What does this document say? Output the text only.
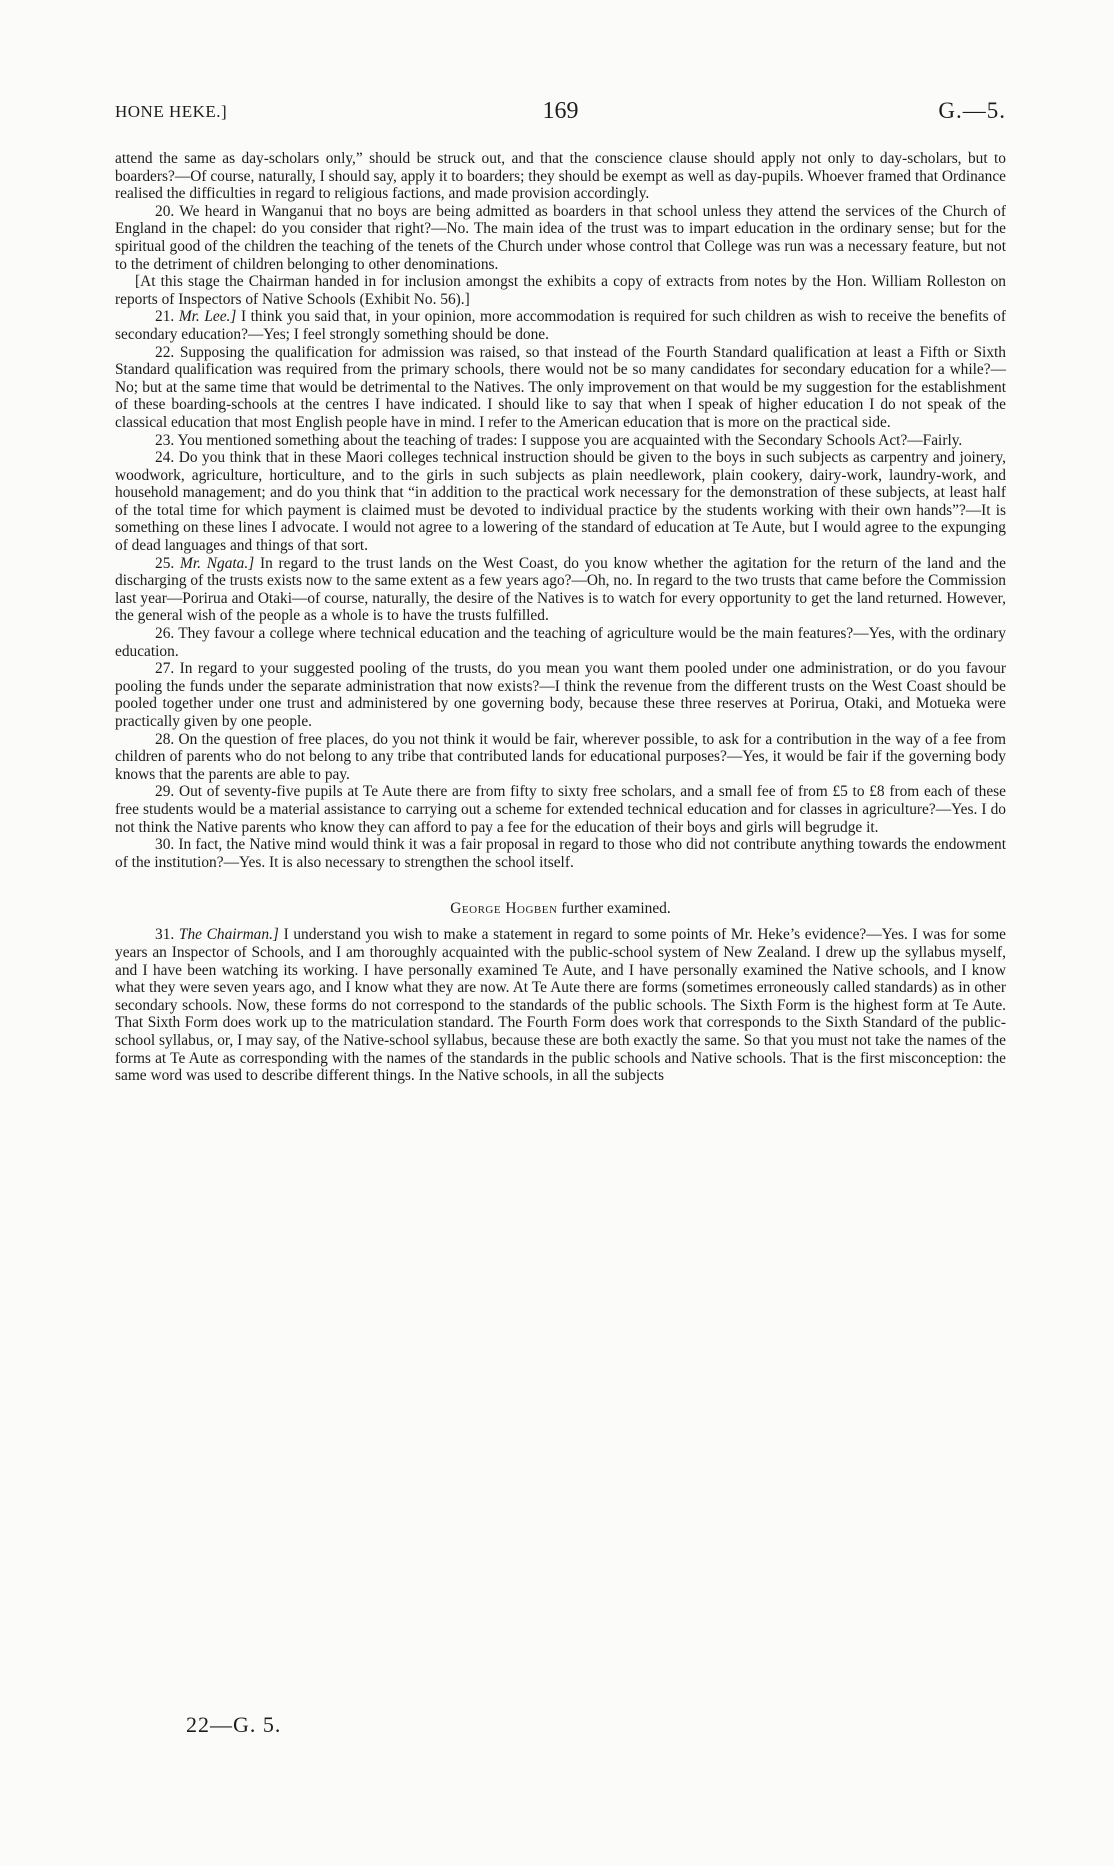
HONE HEKE.]	169	G.—5.

attend the same as day-scholars only,” should be struck out, and that the conscience clause should apply not only to day-scholars, but to boarders?—Of course, naturally, I should say, apply it to boarders; they should be exempt as well as day-pupils. Whoever framed that Ordinance realised the difficulties in regard to religious factions, and made provision accordingly.

20. We heard in Wanganui that no boys are being admitted as boarders in that school unless they attend the services of the Church of England in the chapel: do you consider that right?—No. The main idea of the trust was to impart education in the ordinary sense; but for the spiritual good of the children the teaching of the tenets of the Church under whose control that College was run was a necessary feature, but not to the detriment of children belonging to other denominations.

[At this stage the Chairman handed in for inclusion amongst the exhibits a copy of extracts from notes by the Hon. William Rolleston on reports of Inspectors of Native Schools (Exhibit No. 56).]

21. Mr. Lee.] I think you said that, in your opinion, more accommodation is required for such children as wish to receive the benefits of secondary education?—Yes; I feel strongly something should be done.

22. Supposing the qualification for admission was raised, so that instead of the Fourth Standard qualification at least a Fifth or Sixth Standard qualification was required from the primary schools, there would not be so many candidates for secondary education for a while?—No; but at the same time that would be detrimental to the Natives. The only improvement on that would be my suggestion for the establishment of these boarding-schools at the centres I have indicated. I should like to say that when I speak of higher education I do not speak of the classical education that most English people have in mind. I refer to the American education that is more on the practical side.

23. You mentioned something about the teaching of trades: I suppose you are acquainted with the Secondary Schools Act?—Fairly.

24. Do you think that in these Maori colleges technical instruction should be given to the boys in such subjects as carpentry and joinery, woodwork, agriculture, horticulture, and to the girls in such subjects as plain needlework, plain cookery, dairy-work, laundry-work, and household management; and do you think that “in addition to the practical work necessary for the demonstration of these subjects, at least half of the total time for which payment is claimed must be devoted to individual practice by the students working with their own hands”?—It is something on these lines I advocate. I would not agree to a lowering of the standard of education at Te Aute, but I would agree to the expunging of dead languages and things of that sort.

25. Mr. Ngata.] In regard to the trust lands on the West Coast, do you know whether the agitation for the return of the land and the discharging of the trusts exists now to the same extent as a few years ago?—Oh, no. In regard to the two trusts that came before the Commission last year—Porirua and Otaki—of course, naturally, the desire of the Natives is to watch for every opportunity to get the land returned. However, the general wish of the people as a whole is to have the trusts fulfilled.

26. They favour a college where technical education and the teaching of agriculture would be the main features?—Yes, with the ordinary education.

27. In regard to your suggested pooling of the trusts, do you mean you want them pooled under one administration, or do you favour pooling the funds under the separate administration that now exists?—I think the revenue from the different trusts on the West Coast should be pooled together under one trust and administered by one governing body, because these three reserves at Porirua, Otaki, and Motueka were practically given by one people.

28. On the question of free places, do you not think it would be fair, wherever possible, to ask for a contribution in the way of a fee from children of parents who do not belong to any tribe that contributed lands for educational purposes?—Yes, it would be fair if the governing body knows that the parents are able to pay.

29. Out of seventy-five pupils at Te Aute there are from fifty to sixty free scholars, and a small fee of from £5 to £8 from each of these free students would be a material assistance to carrying out a scheme for extended technical education and for classes in agriculture?—Yes. I do not think the Native parents who know they can afford to pay a fee for the education of their boys and girls will begrudge it.

30. In fact, the Native mind would think it was a fair proposal in regard to those who did not contribute anything towards the endowment of the institution?—Yes. It is also necessary to strengthen the school itself.

George Hogben further examined.

31. The Chairman.] I understand you wish to make a statement in regard to some points of Mr. Heke’s evidence?—Yes. I was for some years an Inspector of Schools, and I am thoroughly acquainted with the public-school system of New Zealand. I drew up the syllabus myself, and I have been watching its working. I have personally examined Te Aute, and I have personally examined the Native schools, and I know what they were seven years ago, and I know what they are now. At Te Aute there are forms (sometimes erroneously called standards) as in other secondary schools. Now, these forms do not correspond to the standards of the public schools. The Sixth Form is the highest form at Te Aute. That Sixth Form does work up to the matriculation standard. The Fourth Form does work that corresponds to the Sixth Standard of the public-school syllabus, or, I may say, of the Native-school syllabus, because these are both exactly the same. So that you must not take the names of the forms at Te Aute as corresponding with the names of the standards in the public schools and Native schools. That is the first misconception: the same word was used to describe different things. In the Native schools, in all the subjects

22—G. 5.
